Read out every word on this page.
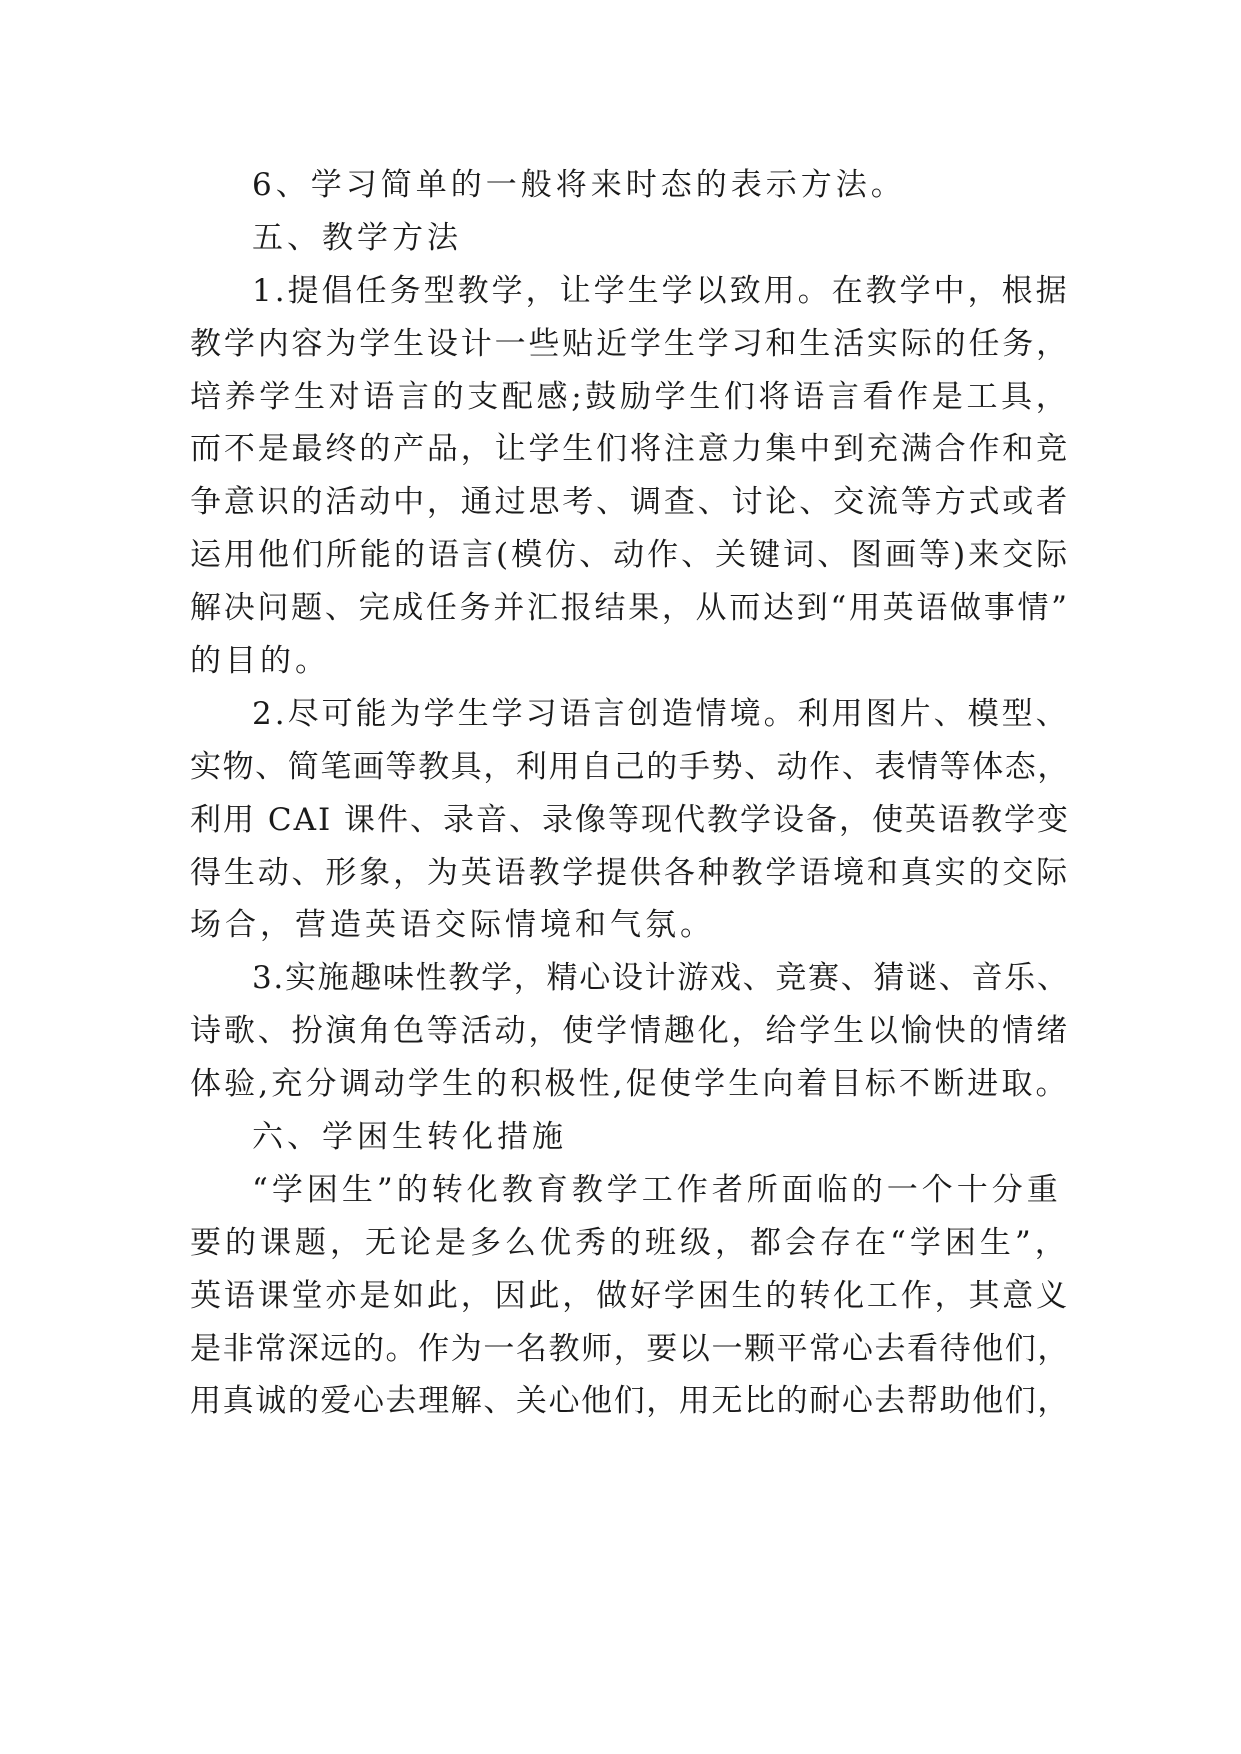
6、学习简单的一般将来时态的表示方法。
五、教学方法
1.提倡任务型教学，让学生学以致用。在教学中，根据
教学内容为学生设计一些贴近学生学习和生活实际的任务，
培养学生对语言的支配感;鼓励学生们将语言看作是工具，
而不是最终的产品，让学生们将注意力集中到充满合作和竞
争意识的活动中，通过思考、调查、讨论、交流等方式或者
运用他们所能的语言(模仿、动作、关键词、图画等)来交际
解决问题、完成任务并汇报结果，从而达到“用英语做事情”
的目的。
2.尽可能为学生学习语言创造情境。利用图片、模型、
实物、简笔画等教具，利用自己的手势、动作、表情等体态，
利用 CAI 课件、录音、录像等现代教学设备，使英语教学变
得生动、形象，为英语教学提供各种教学语境和真实的交际
场合，营造英语交际情境和气氛。
3.实施趣味性教学，精心设计游戏、竞赛、猜谜、音乐、
诗歌、扮演角色等活动，使学情趣化，给学生以愉快的情绪
体验,充分调动学生的积极性,促使学生向着目标不断进取。
六、学困生转化措施
“学困生”的转化教育教学工作者所面临的一个十分重
要的课题，无论是多么优秀的班级，都会存在“学困生”，
英语课堂亦是如此，因此，做好学困生的转化工作，其意义
是非常深远的。作为一名教师，要以一颗平常心去看待他们，
用真诚的爱心去理解、关心他们，用无比的耐心去帮助他们，
